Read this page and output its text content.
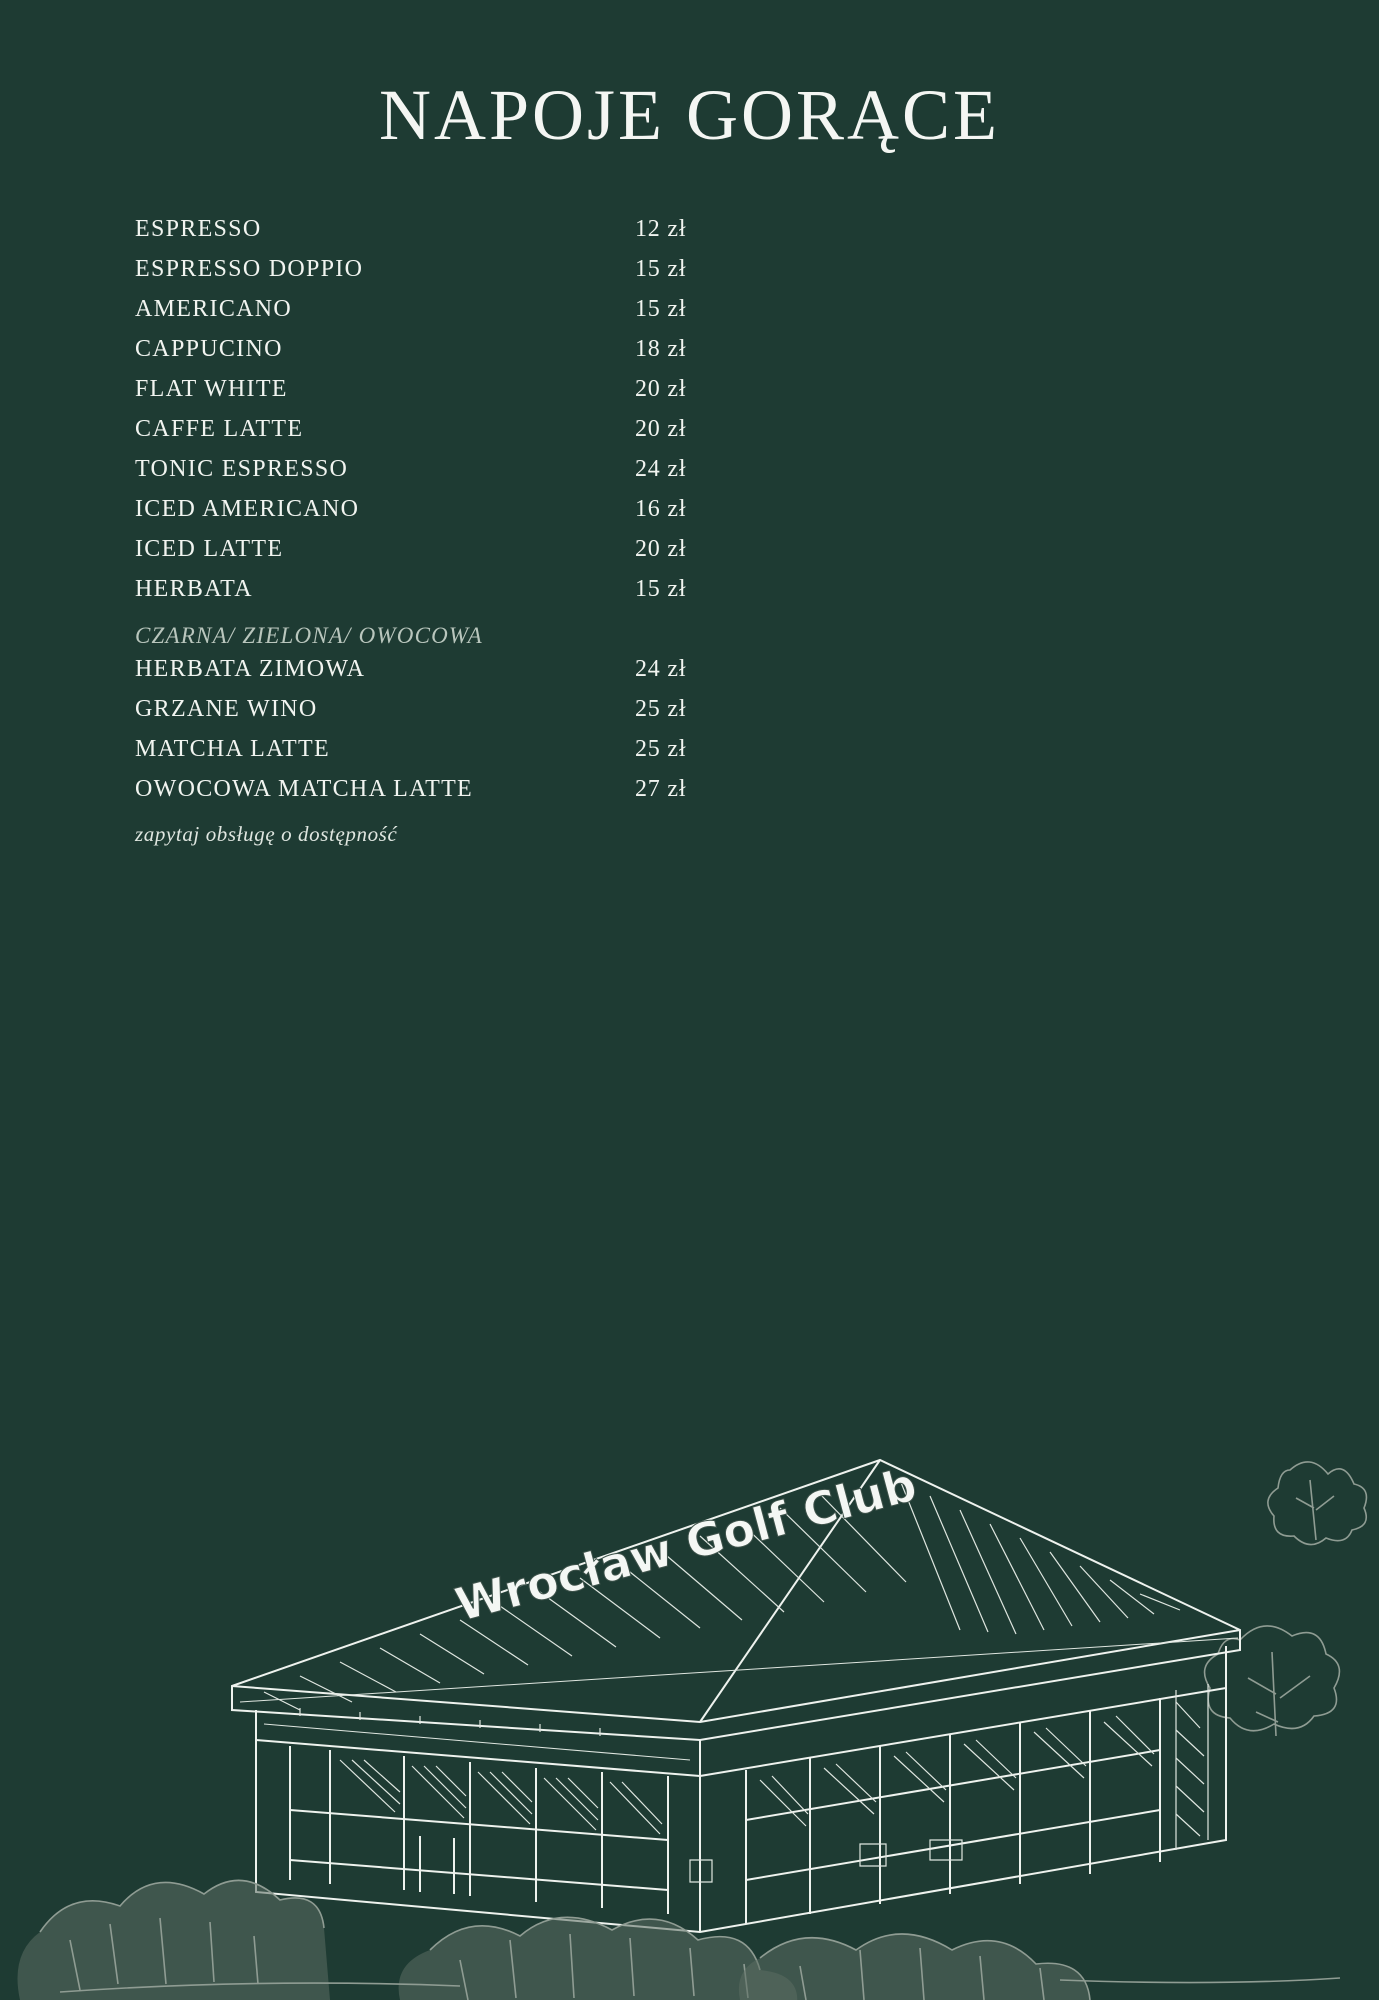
NAPOJE GORĄCE
ESPRESSO	12 zł
ESPRESSO DOPPIO	15 zł
AMERICANO	15 zł
CAPPUCINO	18 zł
FLAT WHITE	20 zł
CAFFE LATTE	20 zł
TONIC ESPRESSO	24 zł
ICED AMERICANO	16 zł
ICED LATTE	20 zł
HERBATA	15 zł
CZARNA/ ZIELONA/ OWOCOWA
HERBATA ZIMOWA	24 zł
GRZANE WINO	25 zł
MATCHA LATTE	25 zł
OWOCOWA MATCHA LATTE	27 zł
zapytaj obsługę o dostępność
Wrocław Golf Club
